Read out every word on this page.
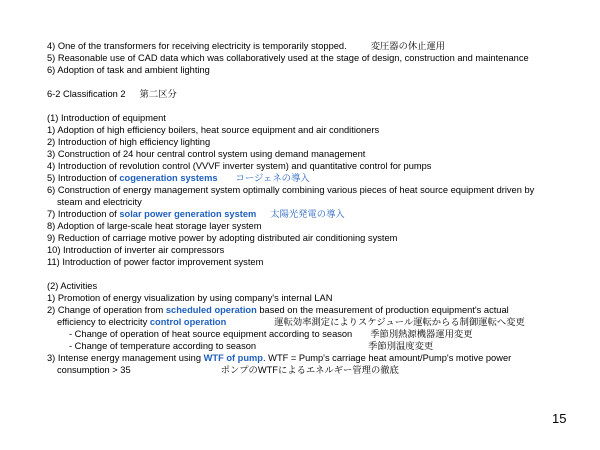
4) One of the transformers for receiving electricity is temporarily stopped.	変圧器の休止運用
5) Reasonable use of CAD data which was collaboratively used at the stage of design, construction and maintenance
6) Adoption of task and ambient lighting
6-2 Classification 2 第二区分
(1) Introduction of equipment
1) Adoption of high efficiency boilers, heat source equipment and air conditioners
2) Introduction of high efficiency lighting
3) Construction of 24 hour central control system using demand management
4) Introduction of revolution control (VVVF inverter system) and quantitative control for pumps
5) Introduction of cogeneration systems コージェネの導入
6) Construction of energy management system optimally combining various pieces of heat source equipment driven by
steam and electricity
7) Introduction of solar power generation system 太陽光発電の導入
8) Adoption of large-scale heat storage layer system
9) Reduction of carriage motive power by adopting distributed air conditioning system
10) Introduction of inverter air compressors
11) Introduction of power factor improvement system
(2) Activities
1) Promotion of energy visualization by using company's internal LAN
2) Change of operation from scheduled operation based on the measurement of production equipment's actual
efficiency to electricity control operation	運転効率測定によりスケジュール運転からる制御運転へ変更
- Change of operation of heat source equipment according to season 季節別熱源機器運用変更
- Change of temperature according to season	季節別温度変更
3) Intense energy management using WTF of pump. WTF = Pump's carriage heat amount/Pump's motive power
consumption > 35	ポンプのWTFによるエネルギー管理の徹底
15
